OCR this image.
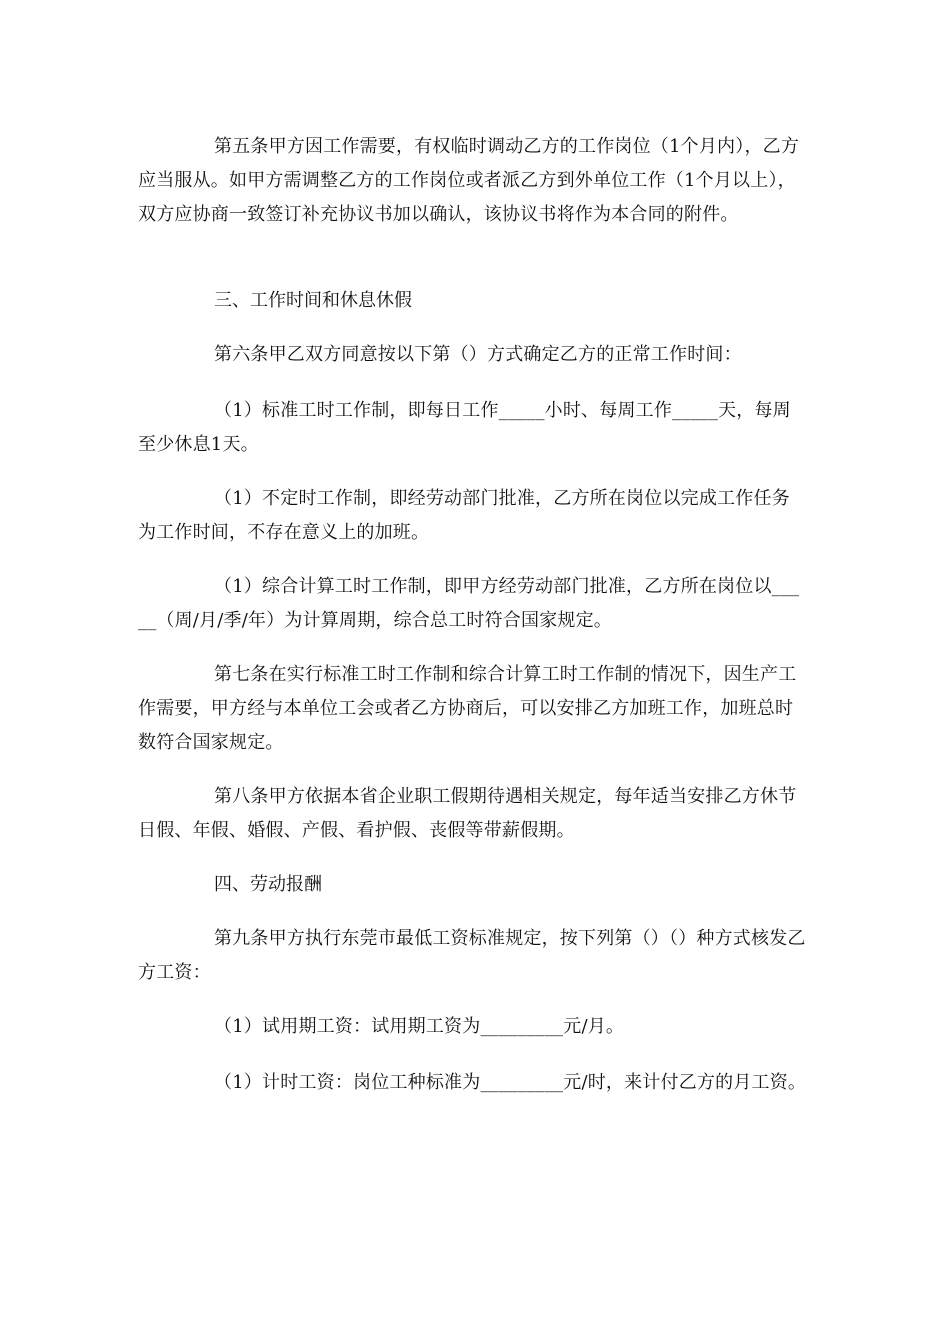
第五条甲方因工作需要，有权临时调动乙方的工作岗位（1个月内），乙方应当服从。如甲方需调整乙方的工作岗位或者派乙方到外单位工作（1个月以上），双方应协商一致签订补充协议书加以确认，该协议书将作为本合同的附件。

三、工作时间和休息休假

第六条甲乙双方同意按以下第（）方式确定乙方的正常工作时间：

（1）标准工时工作制，即每日工作_____小时、每周工作_____天，每周至少休息1天。

（1）不定时工作制，即经劳动部门批准，乙方所在岗位以完成工作任务为工作时间，不存在意义上的加班。

（1）综合计算工时工作制，即甲方经劳动部门批准，乙方所在岗位以_____（周/月/季/年）为计算周期，综合总工时符合国家规定。

第七条在实行标准工时工作制和综合计算工时工作制的情况下，因生产工作需要，甲方经与本单位工会或者乙方协商后，可以安排乙方加班工作，加班总时数符合国家规定。

第八条甲方依据本省企业职工假期待遇相关规定，每年适当安排乙方休节日假、年假、婚假、产假、看护假、丧假等带薪假期。

四、劳动报酬

第九条甲方执行东莞市最低工资标准规定，按下列第（）（）种方式核发乙方工资：

（1）试用期工资：试用期工资为_________元/月。

（1）计时工资：岗位工种标准为_________元/时，来计付乙方的月工资。
